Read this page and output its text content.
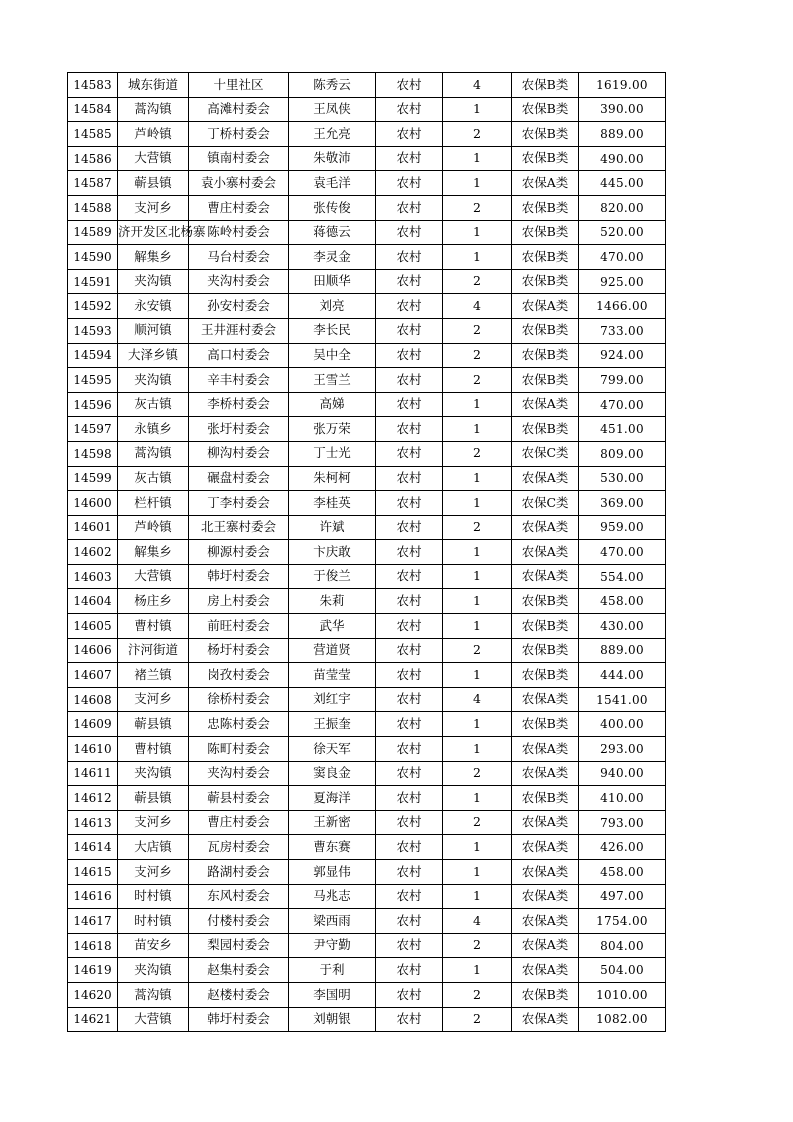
14583	城东街道	十里社区	陈秀云	农村	4	农保B类	1619.00
14584	蒿沟镇	高滩村委会	王凤侠	农村	1	农保B类	390.00
14585	芦岭镇	丁桥村委会	王允亮	农村	2	农保B类	889.00
14586	大营镇	镇南村委会	朱敬沛	农村	1	农保B类	490.00
14587	蕲县镇	袁小寨村委会	袁毛洋	农村	1	农保A类	445.00
14588	支河乡	曹庄村委会	张传俊	农村	2	农保B类	820.00
14589	济开发区北杨寨	陈岭村委会	蒋德云	农村	1	农保B类	520.00
14590	解集乡	马台村委会	李灵金	农村	1	农保B类	470.00
14591	夹沟镇	夹沟村委会	田顺华	农村	2	农保B类	925.00
14592	永安镇	孙安村委会	刘亮	农村	4	农保A类	1466.00
14593	顺河镇	王井涯村委会	李长民	农村	2	农保B类	733.00
14594	大泽乡镇	高口村委会	吴中全	农村	2	农保B类	924.00
14595	夹沟镇	辛丰村委会	王雪兰	农村	2	农保B类	799.00
14596	灰古镇	李桥村委会	高娣	农村	1	农保A类	470.00
14597	永镇乡	张圩村委会	张万荣	农村	1	农保B类	451.00
14598	蒿沟镇	柳沟村委会	丁士光	农村	2	农保C类	809.00
14599	灰古镇	碾盘村委会	朱柯柯	农村	1	农保A类	530.00
14600	栏杆镇	丁李村委会	李桂英	农村	1	农保C类	369.00
14601	芦岭镇	北王寨村委会	许斌	农村	2	农保A类	959.00
14602	解集乡	柳源村委会	卞庆敢	农村	1	农保A类	470.00
14603	大营镇	韩圩村委会	于俊兰	农村	1	农保A类	554.00
14604	杨庄乡	房上村委会	朱莉	农村	1	农保B类	458.00
14605	曹村镇	前旺村委会	武华	农村	1	农保B类	430.00
14606	汴河街道	杨圩村委会	营道贤	农村	2	农保B类	889.00
14607	褚兰镇	岗孜村委会	苗莹莹	农村	1	农保B类	444.00
14608	支河乡	徐桥村委会	刘红宇	农村	4	农保A类	1541.00
14609	蕲县镇	忠陈村委会	王振奎	农村	1	农保B类	400.00
14610	曹村镇	陈町村委会	徐天军	农村	1	农保A类	293.00
14611	夹沟镇	夹沟村委会	窦良金	农村	2	农保A类	940.00
14612	蕲县镇	蕲县村委会	夏海洋	农村	1	农保B类	410.00
14613	支河乡	曹庄村委会	王新密	农村	2	农保A类	793.00
14614	大店镇	瓦房村委会	曹东赛	农村	1	农保A类	426.00
14615	支河乡	路湖村委会	郭显伟	农村	1	农保A类	458.00
14616	时村镇	东风村委会	马兆志	农村	1	农保A类	497.00
14617	时村镇	付楼村委会	梁西雨	农村	4	农保A类	1754.00
14618	苗安乡	梨园村委会	尹守勤	农村	2	农保A类	804.00
14619	夹沟镇	赵集村委会	于利	农村	1	农保A类	504.00
14620	蒿沟镇	赵楼村委会	李国明	农村	2	农保B类	1010.00
14621	大营镇	韩圩村委会	刘朝银	农村	2	农保A类	1082.00
